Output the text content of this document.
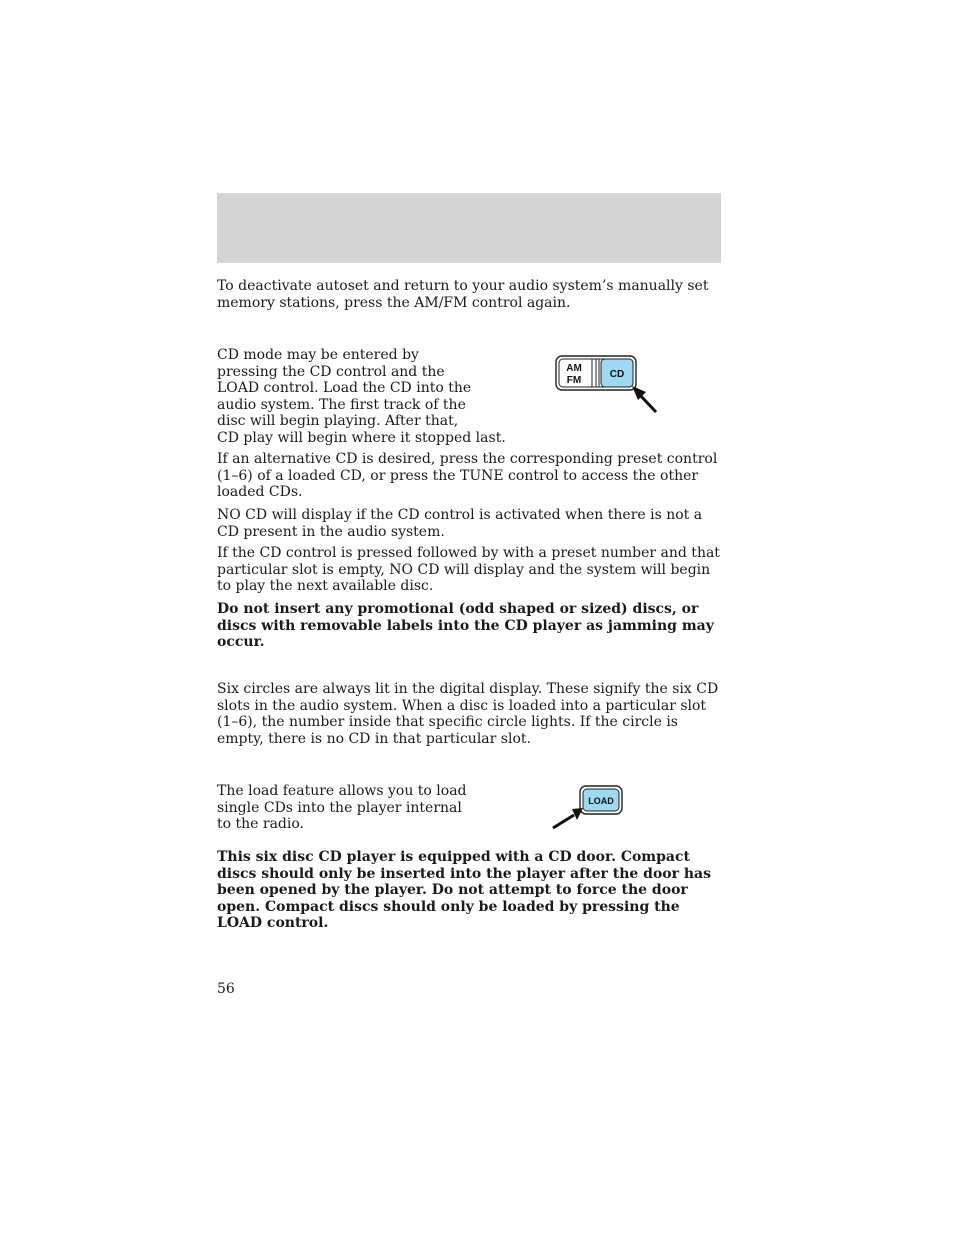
To deactivate autoset and return to your audio system’s manually set memory stations, press the AM/FM control again.

CD mode may be entered by

pressing the CD control and the

LOAD control. Load the CD into the

audio system. The first track of the

disc will begin playing. After that,

CD play will begin where it stopped last.

AM
FM
CD

If an alternative CD is desired, press the corresponding preset control (1–6) of a loaded CD, or press the TUNE control to access the other loaded CDs.

NO CD will display if the CD control is activated when there is not a CD present in the audio system.

If the CD control is pressed followed by with a preset number and that particular slot is empty, NO CD will display and the system will begin to play the next available disc.

Do not insert any promotional (odd shaped or sized) discs, or discs with removable labels into the CD player as jamming may occur.

Six circles are always lit in the digital display. These signify the six CD slots in the audio system. When a disc is loaded into a particular slot (1–6), the number inside that specific circle lights. If the circle is empty, there is no CD in that particular slot.

The load feature allows you to load

single CDs into the player internal

to the radio.

LOAD

This six disc CD player is equipped with a CD door. Compact discs should only be inserted into the player after the door has been opened by the player. Do not attempt to force the door open. Compact discs should only be loaded by pressing the LOAD control.

56
